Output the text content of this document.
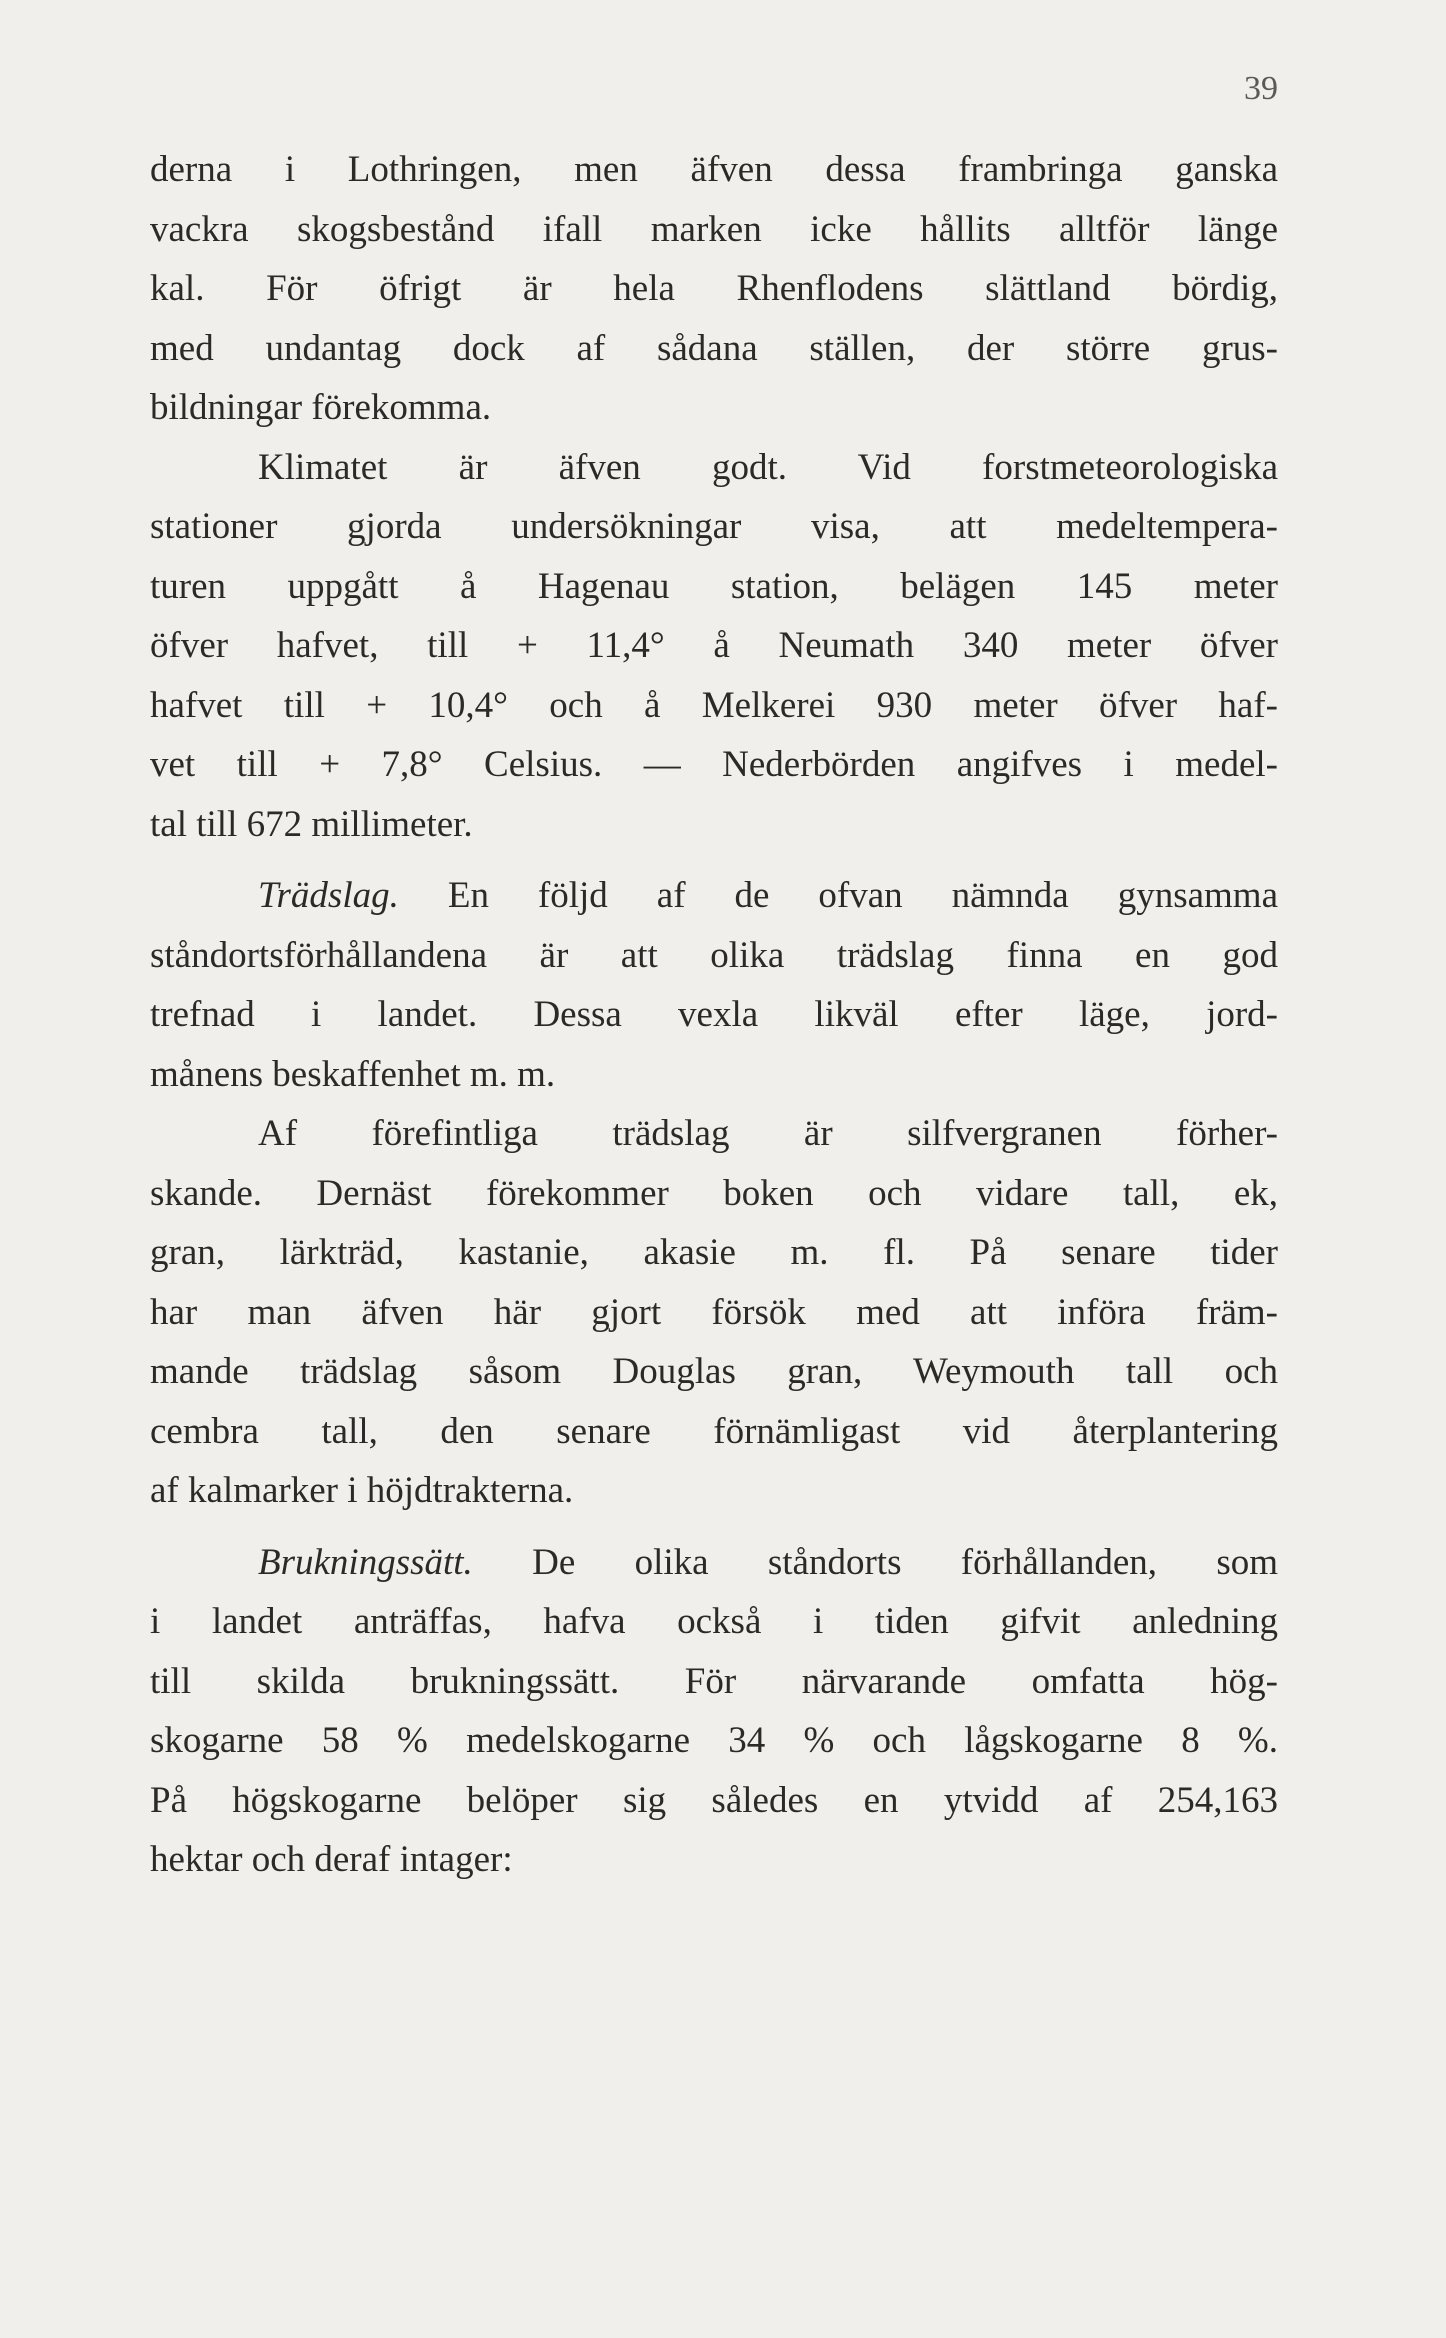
39
derna i Lothringen, men äfven dessa frambringa ganska
vackra skogsbestånd ifall marken icke hållits alltför länge
kal. För öfrigt är hela Rhenflodens slättland bördig,
med undantag dock af sådana ställen, der större grus-
bildningar förekomma.
Klimatet är äfven godt. Vid forstmeteorologiska
stationer gjorda undersökningar visa, att medeltempera-
turen uppgått å Hagenau station, belägen 145 meter
öfver hafvet, till + 11,4° å Neumath 340 meter öfver
hafvet till + 10,4° och å Melkerei 930 meter öfver haf-
vet till + 7,8° Celsius. — Nederbörden angifves i medel-
tal till 672 millimeter.
Trädslag. En följd af de ofvan nämnda gynsamma
ståndortsförhållandena är att olika trädslag finna en god
trefnad i landet. Dessa vexla likväl efter läge, jord-
månens beskaffenhet m. m.
Af förefintliga trädslag är silfvergranen förher-
skande. Dernäst förekommer boken och vidare tall, ek,
gran, lärkträd, kastanie, akasie m. fl. På senare tider
har man äfven här gjort försök med att införa främ-
mande trädslag såsom Douglas gran, Weymouth tall och
cembra tall, den senare förnämligast vid återplantering
af kalmarker i höjdtrakterna.
Brukningssätt. De olika ståndorts förhållanden, som
i landet anträffas, hafva också i tiden gifvit anledning
till skilda brukningssätt. För närvarande omfatta hög-
skogarne 58 % medelskogarne 34 % och lågskogarne 8 %.
På högskogarne belöper sig således en ytvidd af 254,163
hektar och deraf intager:
